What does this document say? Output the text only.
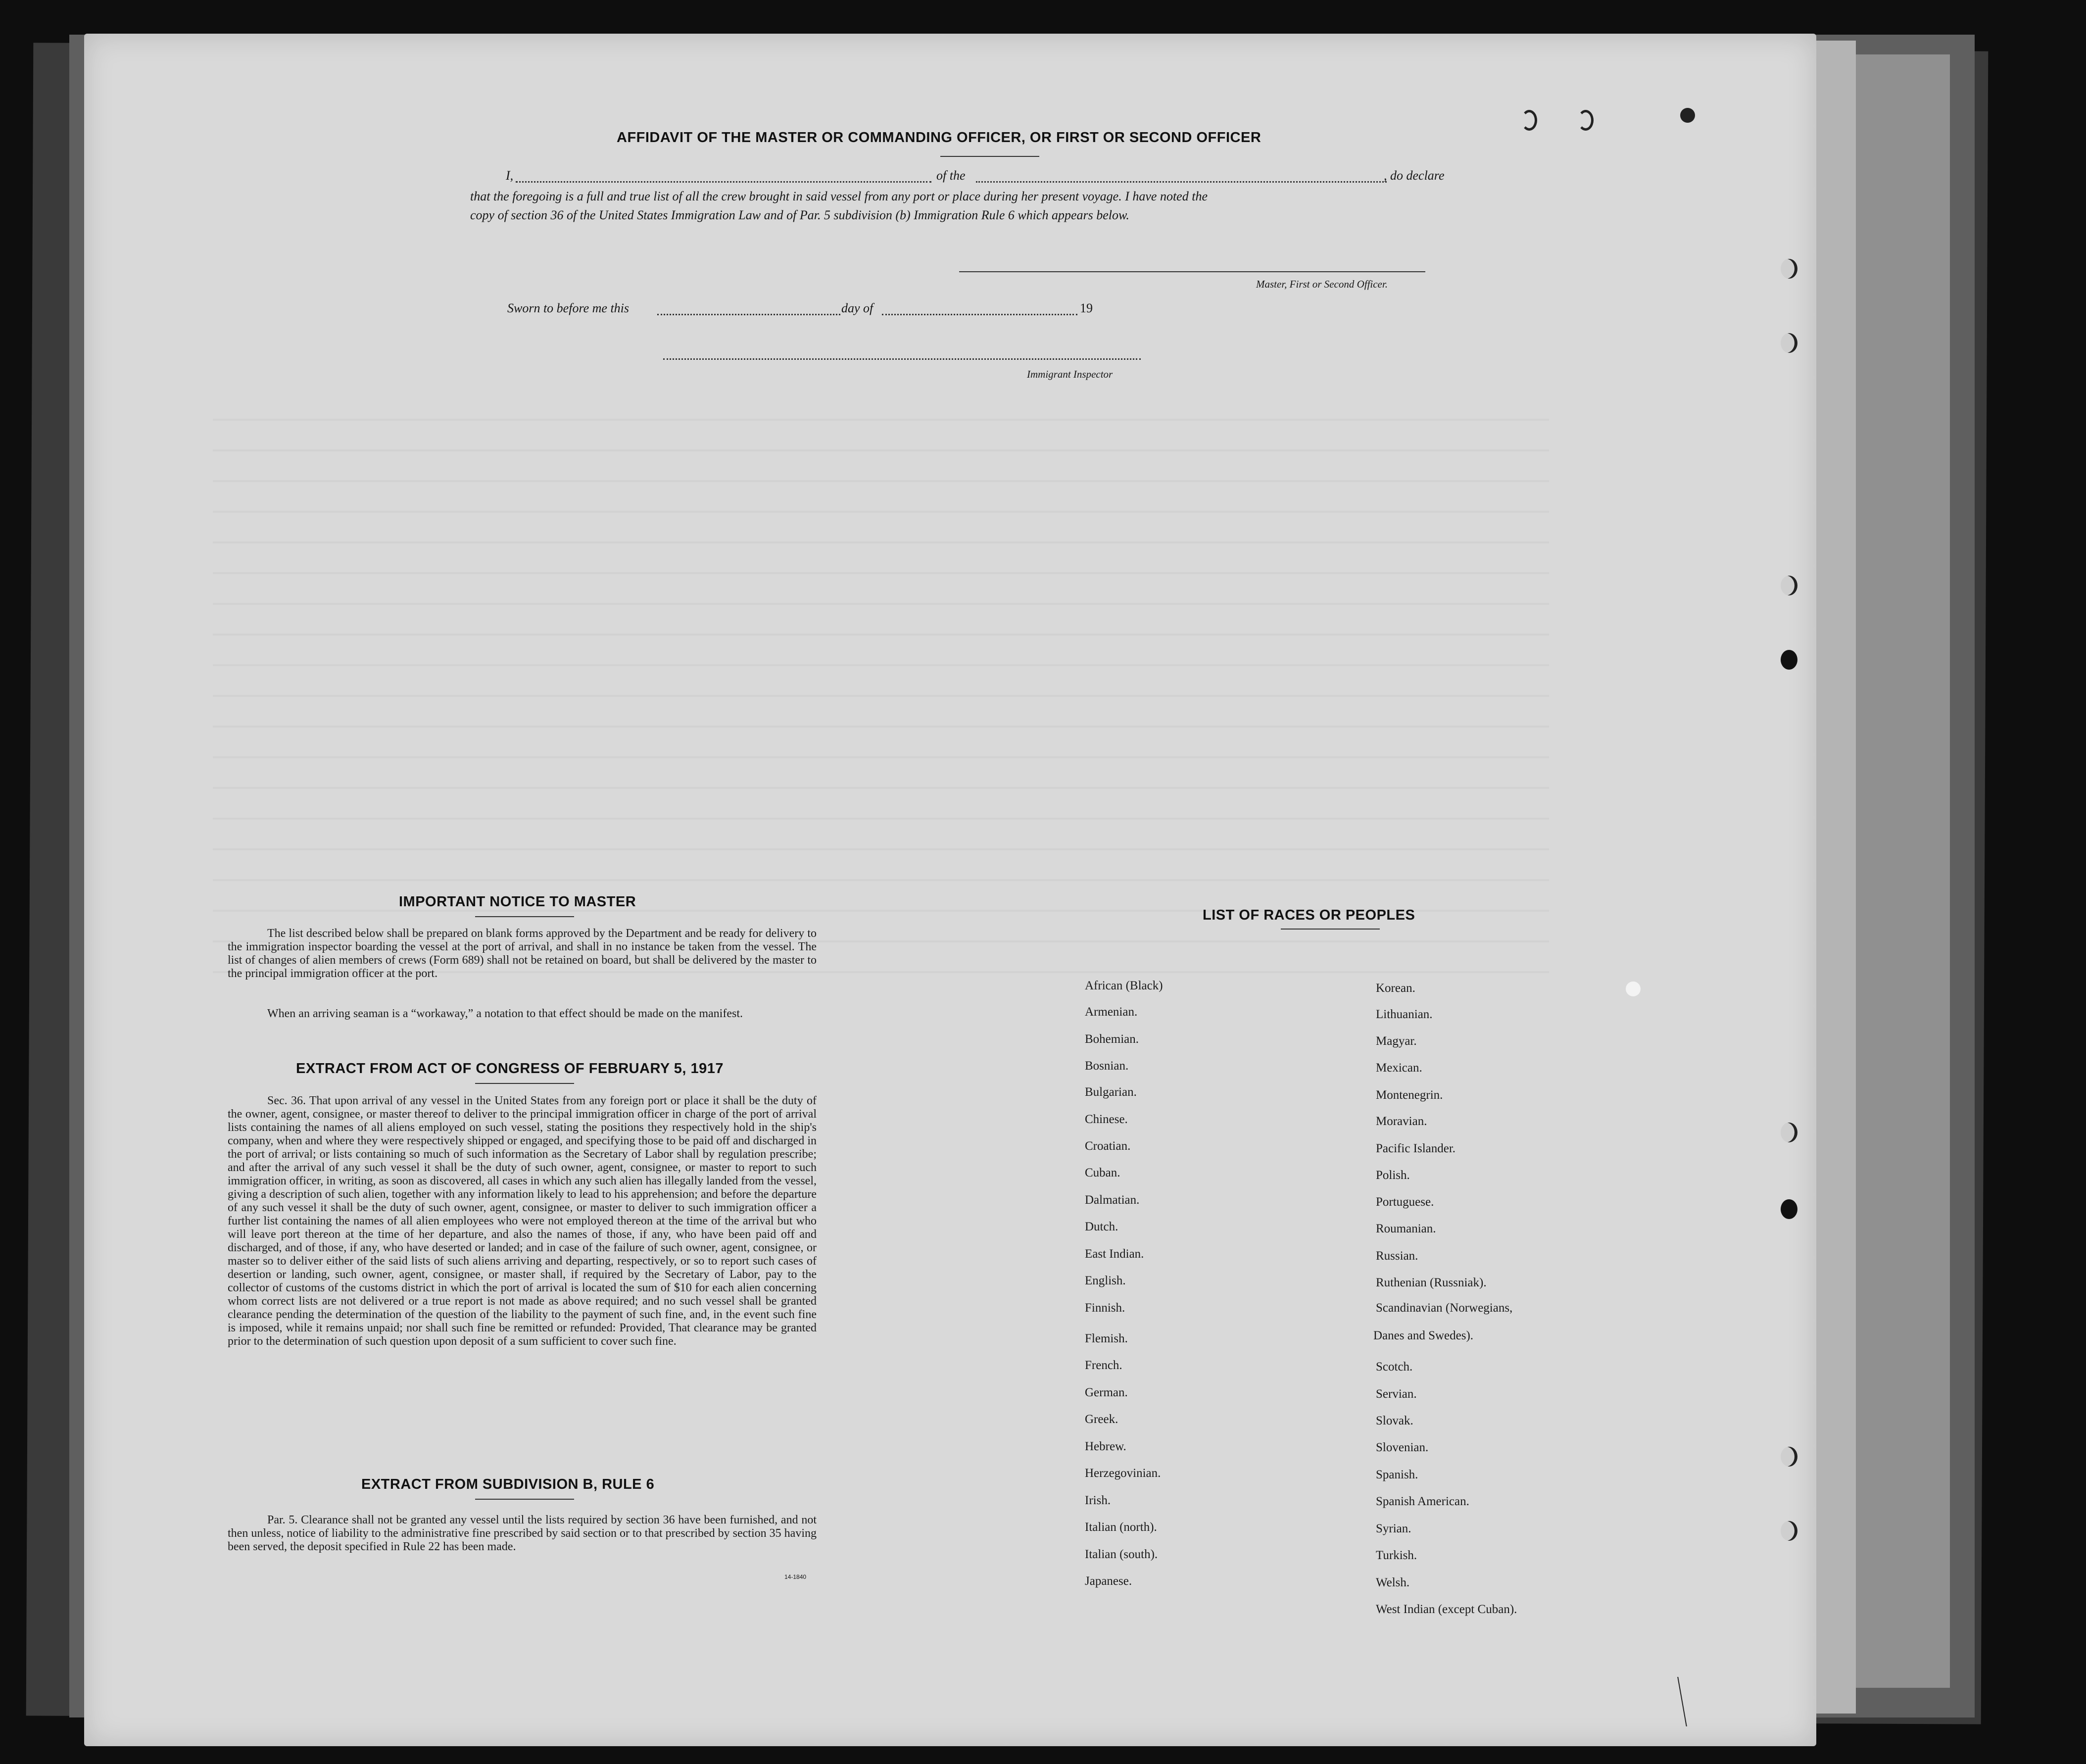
AFFIDAVIT OF THE MASTER OR COMMANDING OFFICER, OR FIRST OR SECOND OFFICER
I,	of the	, do declare
that the foregoing is a full and true list of all the crew brought in said vessel from any port or place during her present voyage. I have noted the
copy of section 36 of the United States Immigration Law and of Par. 5 subdivision (b) Immigration Rule 6 which appears below.
Master, First or Second Officer.
Sworn to before me this	day of	19
Immigrant Inspector
IMPORTANT NOTICE TO MASTER
The list described below shall be prepared on blank forms approved by the Department and be ready for delivery to the immigration inspector boarding the vessel at the port of arrival, and shall in no instance be taken from the vessel. The list of changes of alien members of crews (Form 689) shall not be retained on board, but shall be delivered by the master to the principal immigration officer at the port.
When an arriving seaman is a “workaway,” a notation to that effect should be made on the manifest.
EXTRACT FROM ACT OF CONGRESS OF FEBRUARY 5, 1917
Sec. 36. That upon arrival of any vessel in the United States from any foreign port or place it shall be the duty of the owner, agent, consignee, or master thereof to deliver to the principal immigration officer in charge of the port of arrival lists containing the names of all aliens employed on such vessel, stating the positions they respectively hold in the ship's company, when and where they were respectively shipped or engaged, and specifying those to be paid off and discharged in the port of arrival; or lists containing so much of such information as the Secretary of Labor shall by regulation prescribe; and after the arrival of any such vessel it shall be the duty of such owner, agent, consignee, or master to report to such immigration officer, in writing, as soon as discovered, all cases in which any such alien has illegally landed from the vessel, giving a description of such alien, together with any information likely to lead to his apprehension; and before the departure of any such vessel it shall be the duty of such owner, agent, consignee, or master to deliver to such immigration officer a further list containing the names of all alien employees who were not employed thereon at the time of the arrival but who will leave port thereon at the time of her departure, and also the names of those, if any, who have been paid off and discharged, and of those, if any, who have deserted or landed; and in case of the failure of such owner, agent, consignee, or master so to deliver either of the said lists of such aliens arriving and departing, respectively, or so to report such cases of desertion or landing, such owner, agent, consignee, or master shall, if required by the Secretary of Labor, pay to the collector of customs of the customs district in which the port of arrival is located the sum of $10 for each alien concerning whom correct lists are not delivered or a true report is not made as above required; and no such vessel shall be granted clearance pending the determination of the question of the liability to the payment of such fine, and, in the event such fine is imposed, while it remains unpaid; nor shall such fine be remitted or refunded: Provided, That clearance may be granted prior to the determination of such question upon deposit of a sum sufficient to cover such fine.
EXTRACT FROM SUBDIVISION B, RULE 6
Par. 5. Clearance shall not be granted any vessel until the lists required by section 36 have been furnished, and not then unless, notice of liability to the administrative fine prescribed by said section or to that prescribed by section 35 having been served, the deposit specified in Rule 22 has been made.
14-1840
LIST OF RACES OR PEOPLES
African (Black)
Armenian.
Bohemian.
Bosnian.
Bulgarian.
Chinese.
Croatian.
Cuban.
Dalmatian.
Dutch.
East Indian.
English.
Finnish.
Flemish.
French.
German.
Greek.
Hebrew.
Herzegovinian.
Irish.
Italian (north).
Italian (south).
Japanese.
Korean.
Lithuanian.
Magyar.
Mexican.
Montenegrin.
Moravian.
Pacific Islander.
Polish.
Portuguese.
Roumanian.
Russian.
Ruthenian (Russniak).
Scandinavian (Norwegians,
Scotch.
Servian.
Slovak.
Slovenian.
Spanish.
Spanish American.
Syrian.
Turkish.
Welsh.
West Indian (except Cuban).
Danes and Swedes).
